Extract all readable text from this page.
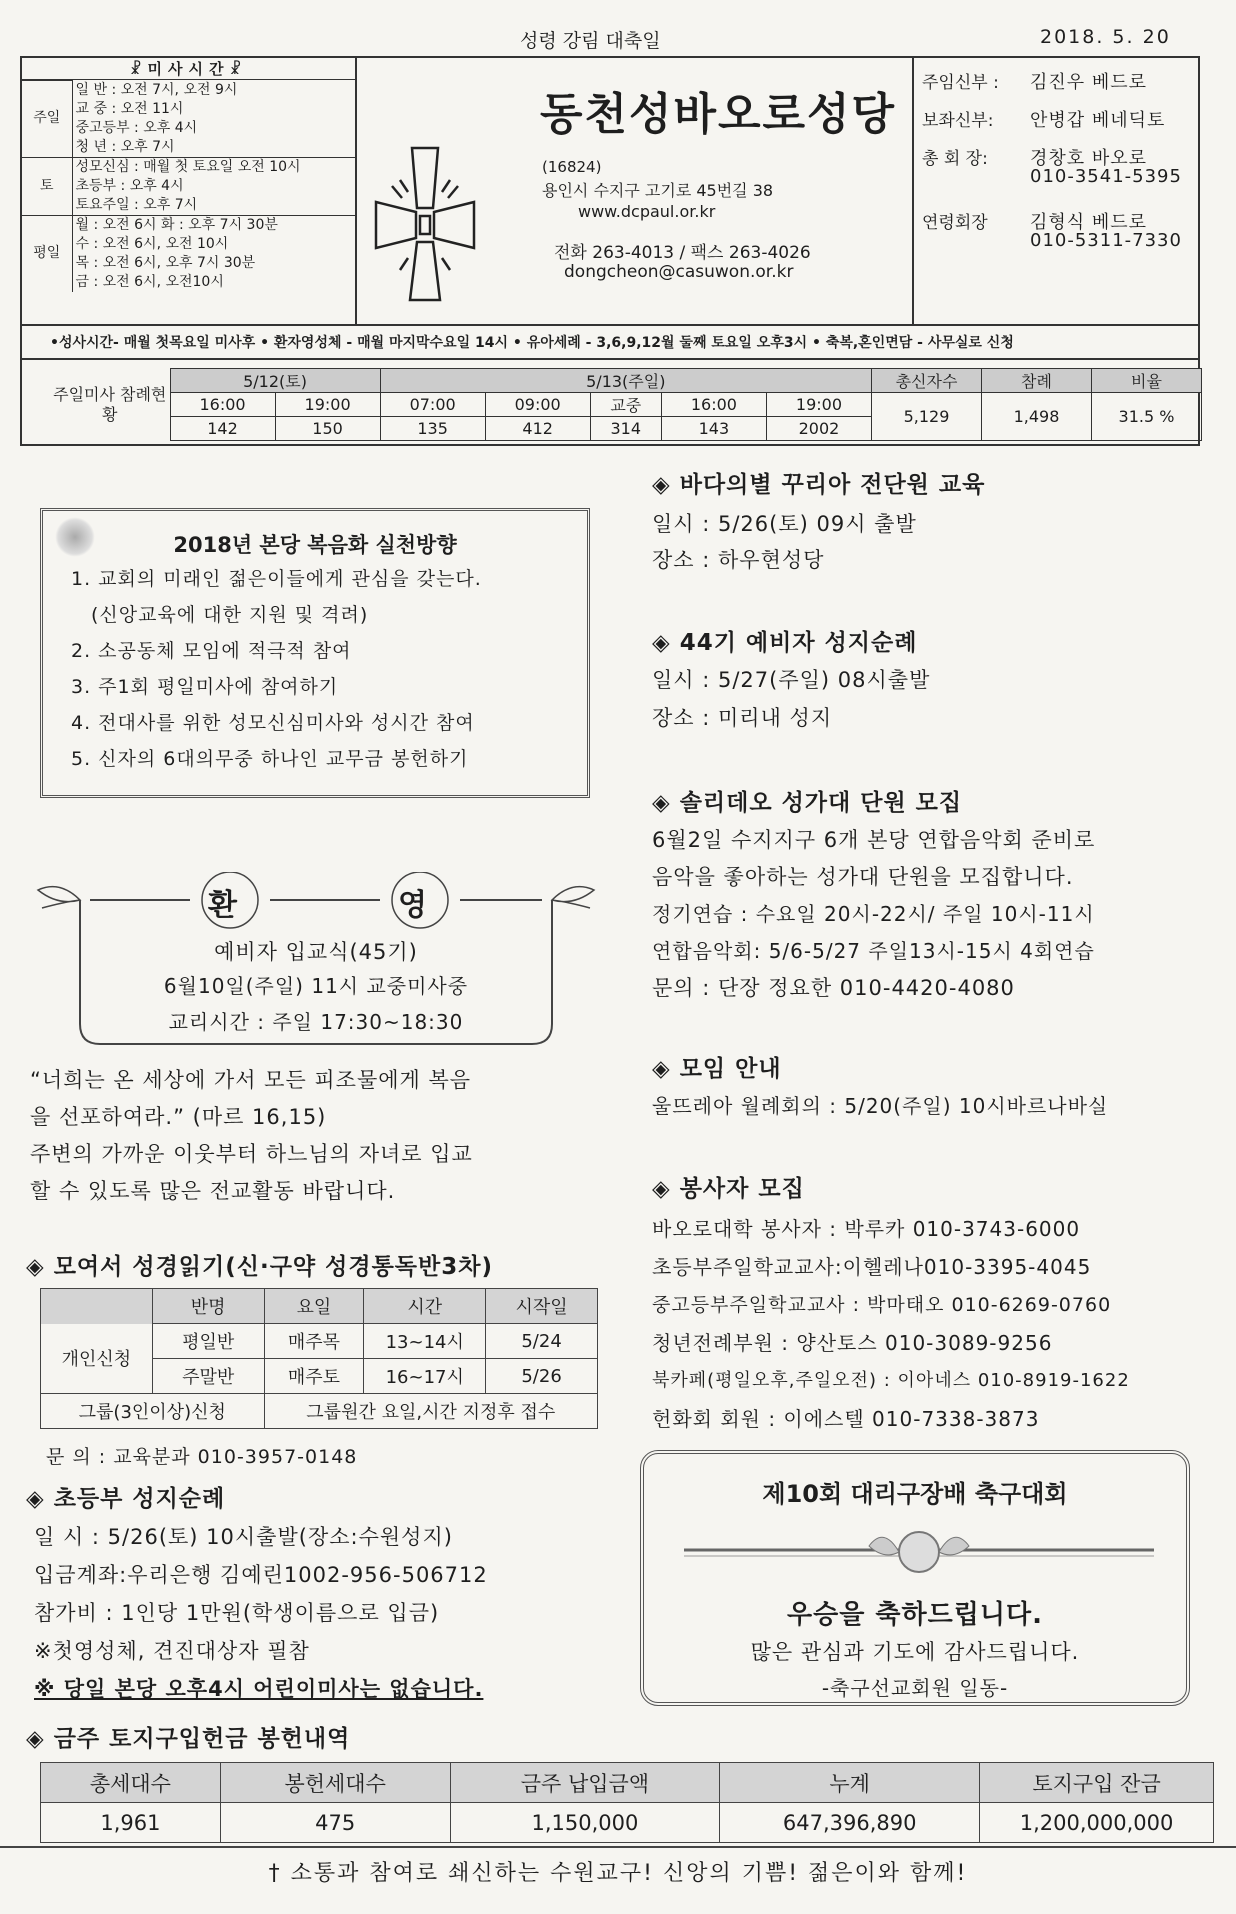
성령 강림 대축일	2018. 5. 20
☧미사시간☧
주일	일 반 : 오전 7시, 오전 9시
	교 중 : 오전 11시
	중고등부 : 오후 4시
	청 년 : 오후 7시
토	성모신심 : 매월 첫 토요일 오전 10시
	초등부 : 오후 4시
	토요주일 : 오후 7시
평일	월 : 오전 6시 화 : 오후 7시 30분
	수 : 오전 6시, 오전 10시
	목 : 오전 6시, 오후 7시 30분
	금 : 오전 6시, 오전10시
동천성바오로성당
(16824)
용인시 수지구 고기로 45번길 38
www.dcpaul.or.kr
전화 263-4013 / 팩스 263-4026
dongcheon@casuwon.or.kr
주임신부 : 김진우 베드로
보좌신부: 안병갑 베네딕토
총 회 장: 경창호 바오로
010-3541-5395
연령회장 김형식 베드로
010-5311-7330
•성사시간- 매월 첫목요일 미사후 • 환자영성체 - 매월 마지막수요일 14시 • 유아세례 - 3,6,9,12월 둘째 토요일 오후3시 • 축복,혼인면담 - 사무실로 신청
주일미사 참례현황	5/12(토)		5/13(주일)					총신자수	참례	비율
	16:00	19:00	07:00	09:00	교중	16:00	19:00	5,129	1,498	31.5 %
	142	150	135	412	314	143	2002			
2018년 본당 복음화 실천방향
1. 교회의 미래인 젊은이들에게 관심을 갖는다.
(신앙교육에 대한 지원 및 격려)
2. 소공동체 모임에 적극적 참여
3. 주1회 평일미사에 참여하기
4. 전대사를 위한 성모신심미사와 성시간 참여
5. 신자의 6대의무중 하나인 교무금 봉헌하기
환	영
예비자 입교식(45기)
6월10일(주일) 11시 교중미사중
교리시간 : 주일 17:30~18:30
“너희는 온 세상에 가서 모든 피조물에게 복음
을 선포하여라.” (마르 16,15)
주변의 가까운 이웃부터 하느님의 자녀로 입교
할 수 있도록 많은 전교활동 바랍니다.
◈ 모여서 성경읽기(신·구약 성경통독반3차)
	반명	요일	시간	시작일
개인신청	평일반	매주목	13~14시	5/24
	주말반	매주토	16~17시	5/26
그룹(3인이상)신청		그룹원간 요일,시간 지정후 접수		
문 의 : 교육분과 010-3957-0148
◈ 초등부 성지순례
일 시 : 5/26(토) 10시출발(장소:수원성지)
입금계좌:우리은행 김예린1002-956-506712
참가비 : 1인당 1만원(학생이름으로 입금)
※첫영성체, 견진대상자 필참
※ 당일 본당 오후4시 어린이미사는 없습니다.
◈ 바다의별 꾸리아 전단원 교육
일시 : 5/26(토) 09시 출발
장소 : 하우현성당
◈ 44기 예비자 성지순례
일시 : 5/27(주일) 08시출발
장소 : 미리내 성지
◈ 솔리데오 성가대 단원 모집
6월2일 수지지구 6개 본당 연합음악회 준비로
음악을 좋아하는 성가대 단원을 모집합니다.
정기연습 : 수요일 20시-22시/ 주일 10시-11시
연합음악회: 5/6-5/27 주일13시-15시 4회연습
문의 : 단장 정요한 010-4420-4080
◈ 모임 안내
울뜨레아 월례회의 : 5/20(주일) 10시바르나바실
◈ 봉사자 모집
바오로대학 봉사자 : 박루카 010-3743-6000
초등부주일학교교사:이헬레나010-3395-4045
중고등부주일학교교사 : 박마태오 010-6269-0760
청년전례부원 : 양산토스 010-3089-9256
북카페(평일오후,주일오전) : 이아네스 010-8919-1622
헌화회 회원 : 이에스텔 010-7338-3873
제10회 대리구장배 축구대회
우승을 축하드립니다.
많은 관심과 기도에 감사드립니다.
-축구선교회원 일동-
◈ 금주 토지구입헌금 봉헌내역
총세대수	봉헌세대수	금주 납입금액	누계	토지구입 잔금
1,961	475	1,150,000	647,396,890	1,200,000,000
† 소통과 참여로 쇄신하는 수원교구! 신앙의 기쁨! 젊은이와 함께!
